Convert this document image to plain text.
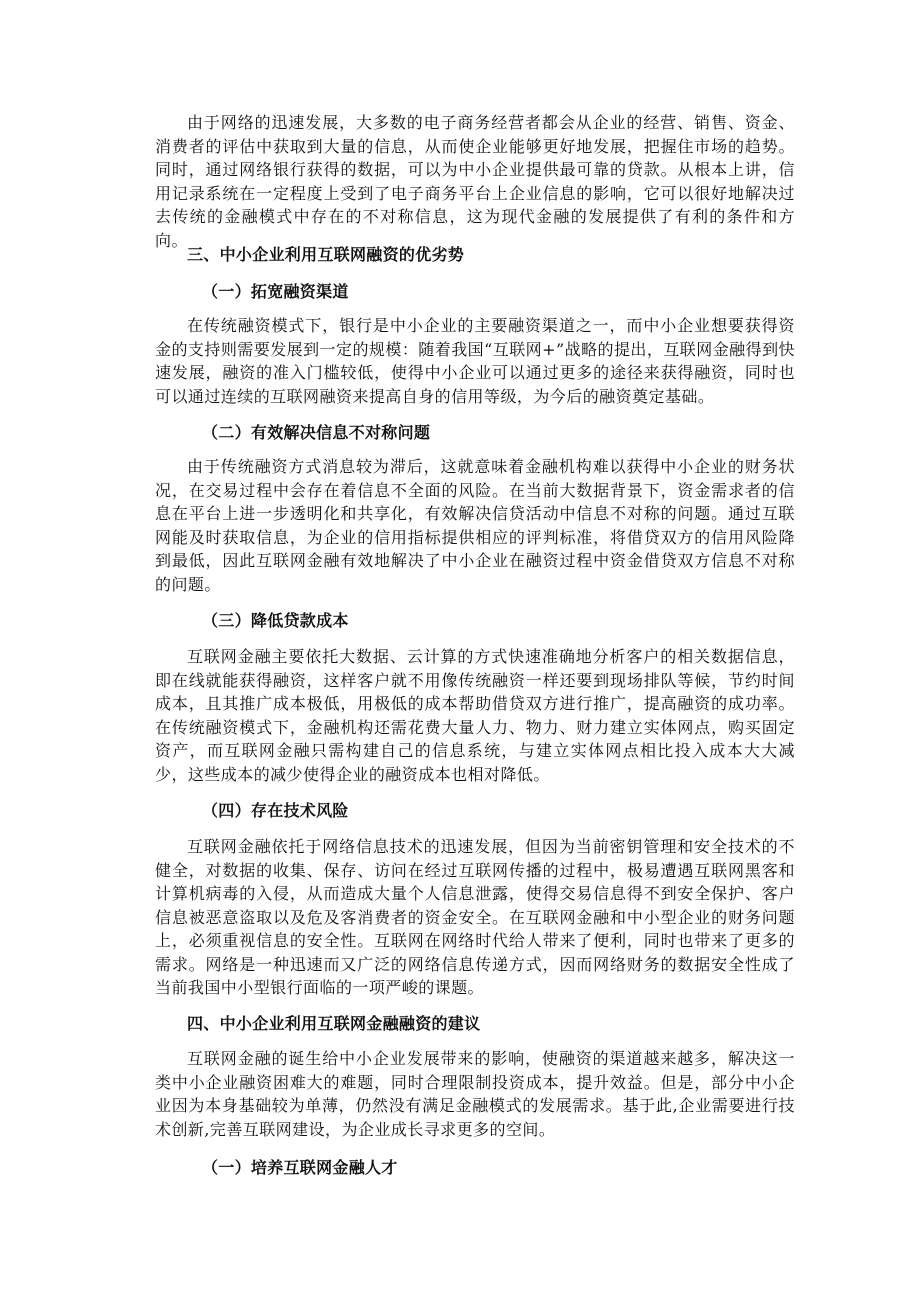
由于网络的迅速发展，大多数的电子商务经营者都会从企业的经营、销售、资金、消费者的评估中获取到大量的信息，从而使企业能够更好地发展，把握住市场的趋势。同时，通过网络银行获得的数据，可以为中小企业提供最可靠的贷款。从根本上讲，信用记录系统在一定程度上受到了电子商务平台上企业信息的影响，它可以很好地解决过去传统的金融模式中存在的不对称信息，这为现代金融的发展提供了有利的条件和方向。

三、中小企业利用互联网融资的优劣势
（一）拓宽融资渠道

在传统融资模式下，银行是中小企业的主要融资渠道之一，而中小企业想要获得资金的支持则需要发展到一定的规模：随着我国“互联网+”战略的提出，互联网金融得到快速发展，融资的准入门槛较低，使得中小企业可以通过更多的途径来获得融资，同时也可以通过连续的互联网融资来提高自身的信用等级，为今后的融资奠定基础。

（二）有效解决信息不对称问题

由于传统融资方式消息较为滞后，这就意味着金融机构难以获得中小企业的财务状况，在交易过程中会存在着信息不全面的风险。在当前大数据背景下，资金需求者的信息在平台上进一步透明化和共享化，有效解决信贷活动中信息不对称的问题。通过互联网能及时获取信息，为企业的信用指标提供相应的评判标准，将借贷双方的信用风险降到最低，因此互联网金融有效地解决了中小企业在融资过程中资金借贷双方信息不对称的问题。

（三）降低贷款成本

互联网金融主要依托大数据、云计算的方式快速准确地分析客户的相关数据信息，即在线就能获得融资，这样客户就不用像传统融资一样还要到现场排队等候，节约时间成本，且其推广成本极低，用极低的成本帮助借贷双方进行推广，提高融资的成功率。在传统融资模式下，金融机构还需花费大量人力、物力、财力建立实体网点，购买固定资产，而互联网金融只需构建自己的信息系统，与建立实体网点相比投入成本大大减少，这些成本的减少使得企业的融资成本也相对降低。

（四）存在技术风险

互联网金融依托于网络信息技术的迅速发展，但因为当前密钥管理和安全技术的不健全，对数据的收集、保存、访问在经过互联网传播的过程中，极易遭遇互联网黑客和计算机病毒的入侵，从而造成大量个人信息泄露，使得交易信息得不到安全保护、客户信息被恶意盗取以及危及客消费者的资金安全。在互联网金融和中小型企业的财务问题上，必须重视信息的安全性。互联网在网络时代给人带来了便利，同时也带来了更多的需求。网络是一种迅速而又广泛的网络信息传递方式，因而网络财务的数据安全性成了当前我国中小型银行面临的一项严峻的课题。

四、中小企业利用互联网金融融资的建议

互联网金融的诞生给中小企业发展带来的影响，使融资的渠道越来越多，解决这一类中小企业融资困难大的难题，同时合理限制投资成本，提升效益。但是，部分中小企业因为本身基础较为单薄，仍然没有满足金融模式的发展需求。基于此,企业需要进行技术创新,完善互联网建设，为企业成长寻求更多的空间。

（一）培养互联网金融人才
